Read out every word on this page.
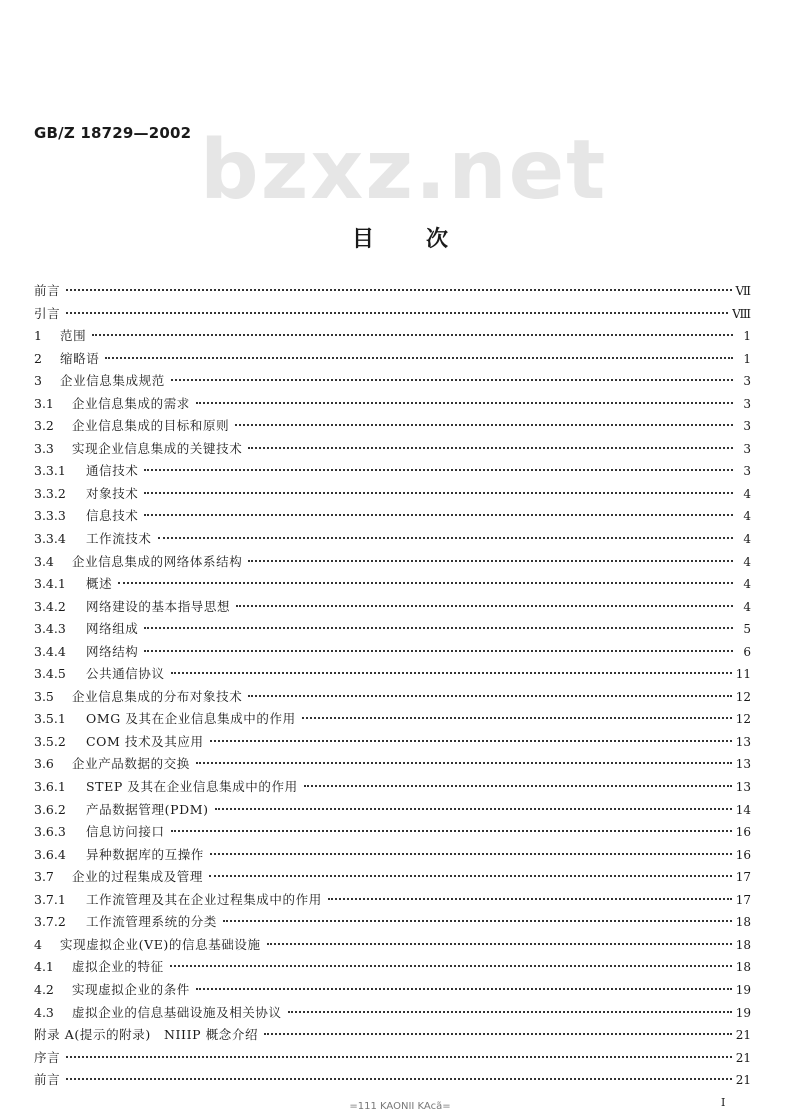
GB/Z 18729—2002 bzxz.net
目次
前言	Ⅶ
引言	Ⅷ
1	范围	1
2	缩略语	1
3	企业信息集成规范	3
3.1	企业信息集成的需求	3
3.2	企业信息集成的目标和原则	3
3.3	实现企业信息集成的关键技术	3
3.3.1	通信技术	3
3.3.2	对象技术	4
3.3.3	信息技术	4
3.3.4	工作流技术	4
3.4	企业信息集成的网络体系结构	4
3.4.1	概述	4
3.4.2	网络建设的基本指导思想	4
3.4.3	网络组成	5
3.4.4	网络结构	6
3.4.5	公共通信协议	11
3.5	企业信息集成的分布对象技术	12
3.5.1	OMG 及其在企业信息集成中的作用	12
3.5.2	COM 技术及其应用	13
3.6	企业产品数据的交换	13
3.6.1	STEP 及其在企业信息集成中的作用	13
3.6.2	产品数据管理(PDM)	14
3.6.3	信息访问接口	16
3.6.4	异种数据库的互操作	16
3.7	企业的过程集成及管理	17
3.7.1	工作流管理及其在企业过程集成中的作用	17
3.7.2	工作流管理系统的分类	18
4	实现虚拟企业(VE)的信息基础设施	18
4.1	虚拟企业的特征	18
4.2	实现虚拟企业的条件	19
4.3	虚拟企业的信息基础设施及相关协议	19
附录 A(提示的附录)　NIIIP 概念介绍	21
序言	21
前言	21
=111 KAONII KAcã=	I
